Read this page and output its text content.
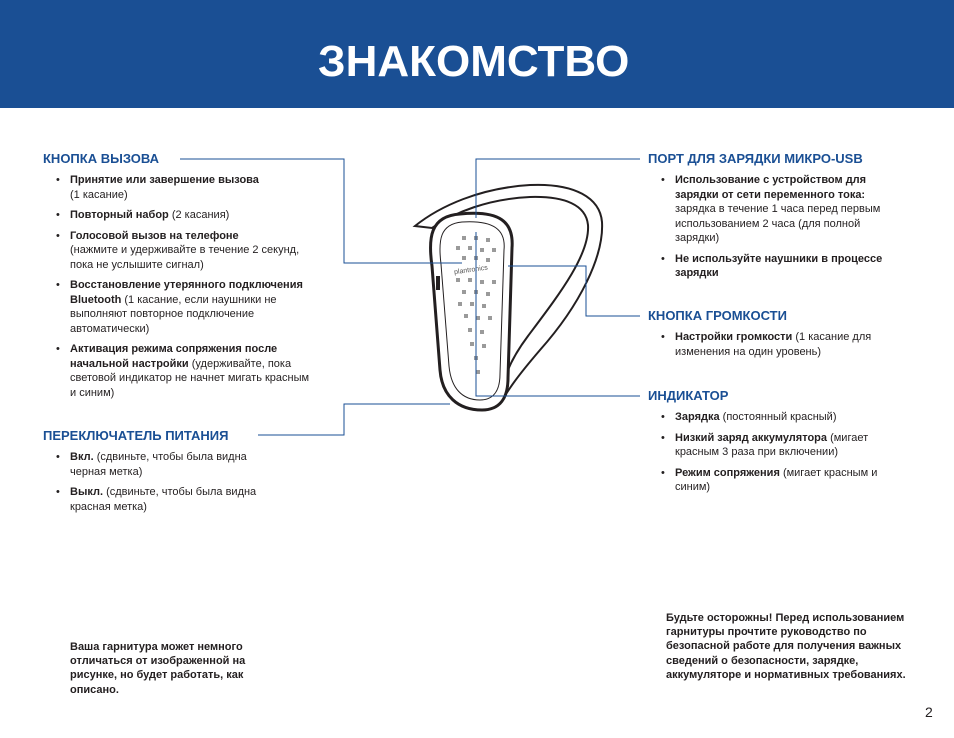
ЗНАКОМСТВО
plantronics
КНОПКА ВЫЗОВА
• Принятие или завершение вызова
(1 касание)
• Повторный набор (2 касания)
• Голосовой вызов на телефоне
(нажмите и удерживайте в течение 2 секунд, пока не услышите сигнал)
• Восстановление утерянного подключения Bluetooth (1 касание, если наушники не выполняют повторное подключение автоматически)
• Активация режима сопряжения после начальной настройки (удерживайте, пока световой индикатор не начнет мигать красным и синим)
ПЕРЕКЛЮЧАТЕЛЬ ПИТАНИЯ
• Вкл. (сдвиньте, чтобы была видна черная метка)
• Выкл. (сдвиньте, чтобы была видна красная метка)
ПОРТ ДЛЯ ЗАРЯДКИ МИКРО-USB
• Использование с устройством для зарядки от сети переменного тока:
зарядка в течение 1 часа перед первым использованием 2 часа (для полной зарядки)
• Не используйте наушники в процессе зарядки
КНОПКА ГРОМКОСТИ
• Настройки громкости (1 касание для изменения на один уровень)
ИНДИКАТОР
• Зарядка (постоянный красный)
• Низкий заряд аккумулятора (мигает красным 3 раза при включении)
• Режим сопряжения (мигает красным и синим)
Ваша гарнитура может немного отличаться от изображенной на рисунке, но будет работать, как описано.
Будьте осторожны! Перед использованием гарнитуры прочтите руководство по безопасной работе для получения важных сведений о безопасности, зарядке, аккумуляторе и нормативных требованиях.
2
